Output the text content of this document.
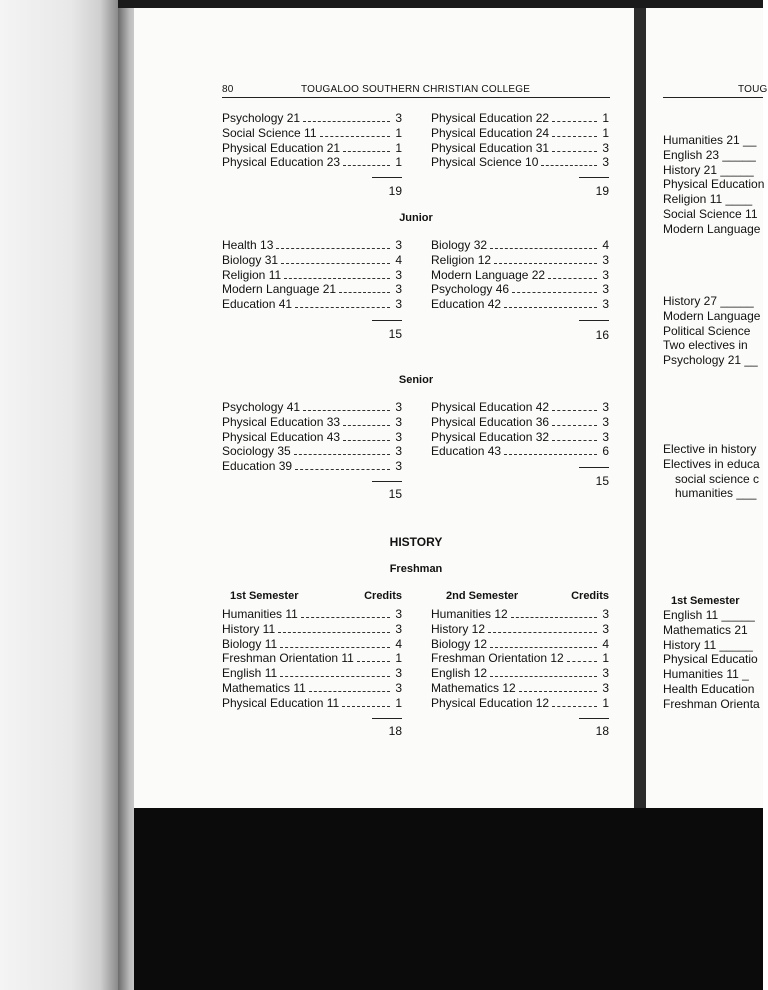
80	TOUGALOO SOUTHERN CHRISTIAN COLLEGE
Psychology 21	3
Social Science 11	1
Physical Education 21	1
Physical Education 23	1
Physical Education 22	1
Physical Education 24	1
Physical Education 31	3
Physical Science 10	3
19	19
Junior
Health 13	3
Biology 31	4
Religion 11	3
Modern Language 21	3
Education 41	3
Biology 32	4
Religion 12	3
Modern Language 22	3
Psychology 46	3
Education 42	3
15	16
Senior
Psychology 41	3
Physical Education 33	3
Physical Education 43	3
Sociology 35	3
Education 39	3
Physical Education 42	3
Physical Education 36	3
Physical Education 32	3
Education 43	6
15
15
HISTORY
Freshman
1st Semester	Credits	2nd Semester	Credits
Humanities 11	3
History 11	3
Biology 11	4
Freshman Orientation 11	1
English 11	3
Mathematics 11	3
Physical Education 11	1
Humanities 12	3
History 12	3
Biology 12	4
Freshman Orientation 12	1
English 12	3
Mathematics 12	3
Physical Education 12	1
18	18
TOUG
Humanities 21 __
English 23 _____
History 21 _____
Physical Education
Religion 11 ____
Social Science 11
Modern Language
History 27 _____
Modern Language
Political Science
Two electives in
Psychology 21 __
Elective in history
Electives in educa
social science c
humanities ___
1st Semester
English 11 _____
Mathematics 21
History 11 _____
Physical Educatio
Humanities 11 _
Health Education
Freshman Orienta
